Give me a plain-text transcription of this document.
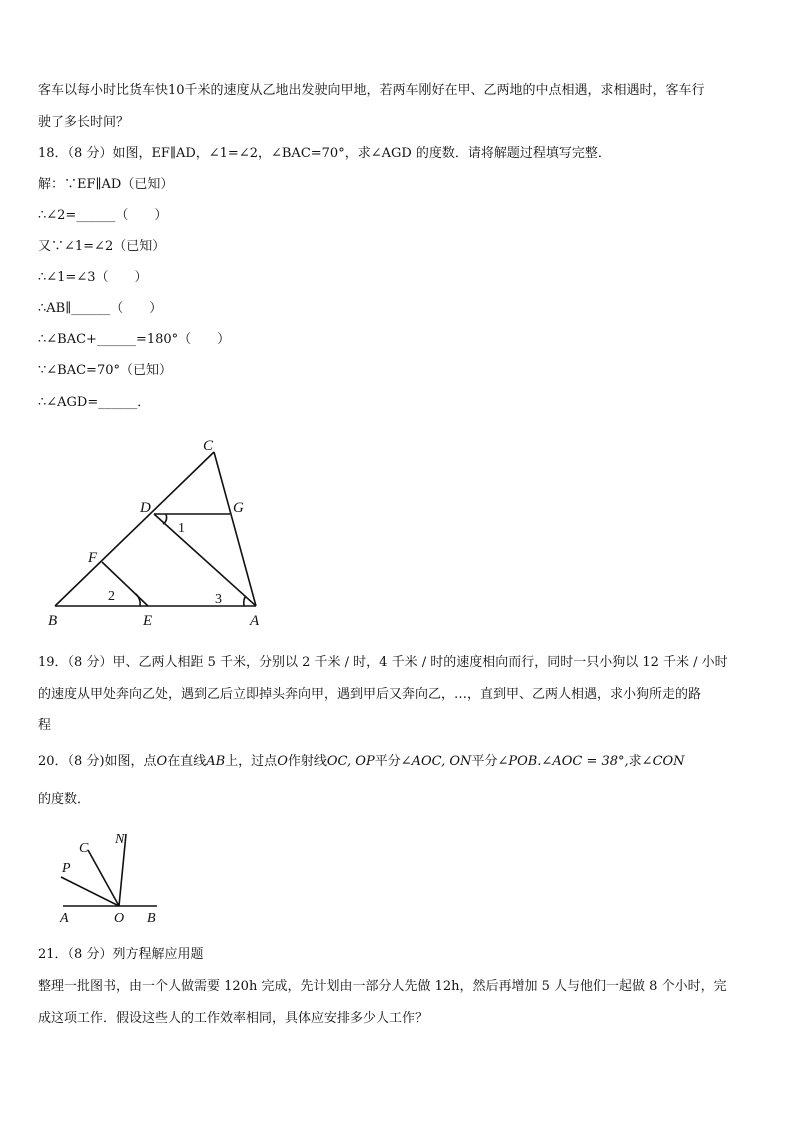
客车以每小时比货车快10千米的速度从乙地出发驶向甲地，若两车刚好在甲、乙两地的中点相遇，求相遇时，客车行
驶了多长时间？
18．（8 分）如图，EF∥AD，∠1=∠2，∠BAC=70°，求∠AGD 的度数．请将解题过程填写完整．
解：∵EF∥AD（已知）
∴∠2=______（　　）
又∵∠1=∠2（已知）
∴∠1=∠3（　　）
∴AB∥______（　　）
∴∠BAC+______=180°（　　）
∵∠BAC=70°（已知）
∴∠AGD=______．
C
D	G
F
B	E	A
1
2	3
19．（8 分）甲、乙两人相距 5 千米，分别以 2 千米 / 时，4 千米 / 时的速度相向而行，同时一只小狗以 12 千米 / 小时
的速度从甲处奔向乙处，遇到乙后立即掉头奔向甲，遇到甲后又奔向乙，…，直到甲、乙两人相遇，求小狗所走的路
程
20．（8 分)如图，点O在直线AB上，过点O作射线OC, OP平分∠AOC, ON平分∠POB.∠AOC = 38°,求∠CON
的度数．
N
C
P
A	O B
21．（8 分）列方程解应用题
整理一批图书，由一个人做需要 120h 完成，先计划由一部分人先做 12h，然后再增加 5 人与他们一起做 8 个小时，完
成这项工作．假设这些人的工作效率相同，具体应安排多少人工作？
